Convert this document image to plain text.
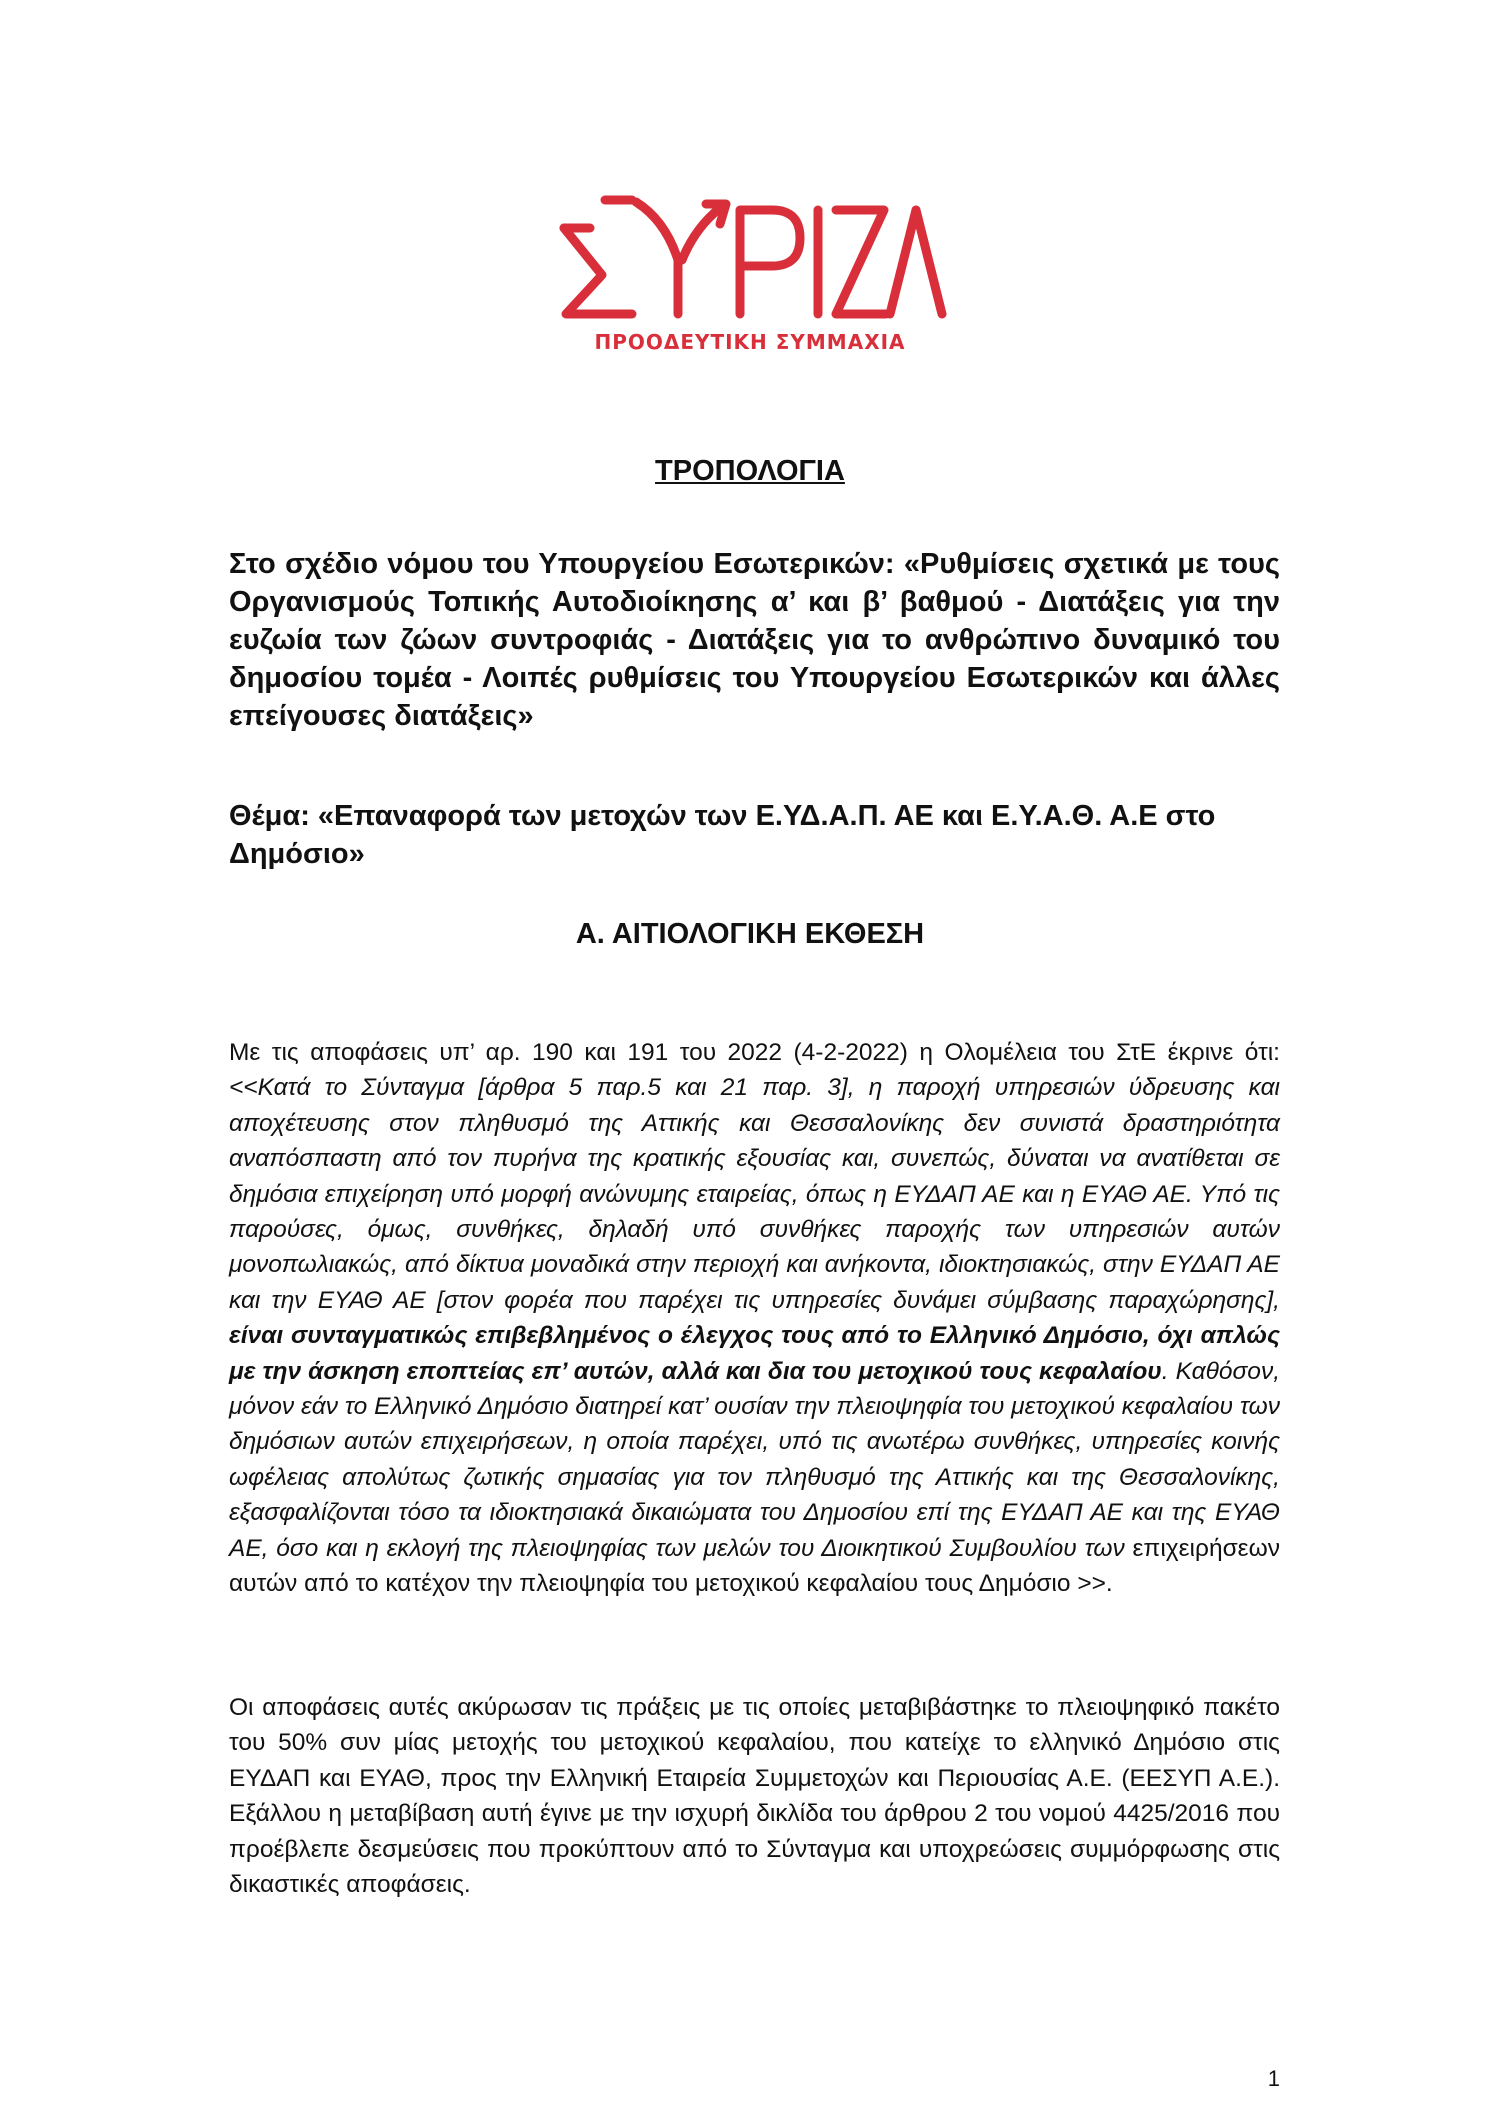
ΠΡΟΟΔΕΥΤΙΚΗ ΣΥΜΜΑΧΙΑ
ΤΡΟΠΟΛΟΓΙΑ

Στο σχέδιο νόμου του Υπουργείου Εσωτερικών: «Ρυθμίσεις σχετικά με τους Οργανισμούς Τοπικής Αυτοδιοίκησης α’ και β’ βαθμού - Διατάξεις για την ευζωία των ζώων συντροφιάς - Διατάξεις για το ανθρώπινο δυναμικό του δημοσίου τομέα - Λοιπές ρυθμίσεις του Υπουργείου Εσωτερικών και άλλες επείγουσες διατάξεις»

Θέμα: «Επαναφορά των μετοχών των Ε.ΥΔ.Α.Π. ΑΕ και Ε.Υ.Α.Θ. Α.Ε στο Δημόσιο»

Α. ΑΙΤΙΟΛΟΓΙΚΗ ΕΚΘΕΣΗ

Με τις αποφάσεις υπ’ αρ. 190 και 191 του 2022 (4-2-2022) η Ολομέλεια του ΣτΕ έκρινε ότι: <<Κατά το Σύνταγμα [άρθρα 5 παρ.5 και 21 παρ. 3], η παροχή υπηρεσιών ύδρευσης και αποχέτευσης στον πληθυσμό της Αττικής και Θεσσαλονίκης δεν συνιστά δραστηριότητα αναπόσπαστη από τον πυρήνα της κρατικής εξουσίας και, συνεπώς, δύναται να ανατίθεται σε δημόσια επιχείρηση υπό μορφή ανώνυμης εταιρείας, όπως η ΕΥΔΑΠ ΑΕ και η ΕΥΑΘ ΑΕ. Υπό τις παρούσες, όμως, συνθήκες, δηλαδή υπό συνθήκες παροχής των υπηρεσιών αυτών μονοπωλιακώς, από δίκτυα μοναδικά στην περιοχή και ανήκοντα, ιδιοκτησιακώς, στην ΕΥΔΑΠ ΑΕ και την ΕΥΑΘ ΑΕ [στον φορέα που παρέχει τις υπηρεσίες δυνάμει σύμβασης παραχώρησης], είναι συνταγματικώς επιβεβλημένος ο έλεγχος τους από το Ελληνικό Δημόσιο, όχι απλώς με την άσκηση εποπτείας επ’ αυτών, αλλά και δια του μετοχικού τους κεφαλαίου. Καθόσον, μόνον εάν το Ελληνικό Δημόσιο διατηρεί κατ’ ουσίαν την πλειοψηφία του μετοχικού κεφαλαίου των δημόσιων αυτών επιχειρήσεων, η οποία παρέχει, υπό τις ανωτέρω συνθήκες, υπηρεσίες κοινής ωφέλειας απολύτως ζωτικής σημασίας για τον πληθυσμό της Αττικής και της Θεσσαλονίκης, εξασφαλίζονται τόσο τα ιδιοκτησιακά δικαιώματα του Δημοσίου επί της ΕΥΔΑΠ ΑΕ και της ΕΥΑΘ ΑΕ, όσο και η εκλογή της πλειοψηφίας των μελών του Διοικητικού Συμβουλίου των επιχειρήσεων αυτών από το κατέχον την πλειοψηφία του μετοχικού κεφαλαίου τους Δημόσιο >>.

Οι αποφάσεις αυτές ακύρωσαν τις πράξεις με τις οποίες μεταβιβάστηκε το πλειοψηφικό πακέτο του 50% συν μίας μετοχής του μετοχικού κεφαλαίου, που κατείχε το ελληνικό Δημόσιο στις ΕΥΔΑΠ και ΕΥΑΘ, προς την Ελληνική Εταιρεία Συμμετοχών και Περιουσίας Α.Ε. (ΕΕΣΥΠ Α.Ε.). Εξάλλου η μεταβίβαση αυτή έγινε με την ισχυρή δικλίδα του άρθρου 2 του νομού 4425/2016 που προέβλεπε δεσμεύσεις που προκύπτουν από το Σύνταγμα και υποχρεώσεις συμμόρφωσης στις δικαστικές αποφάσεις.

1
